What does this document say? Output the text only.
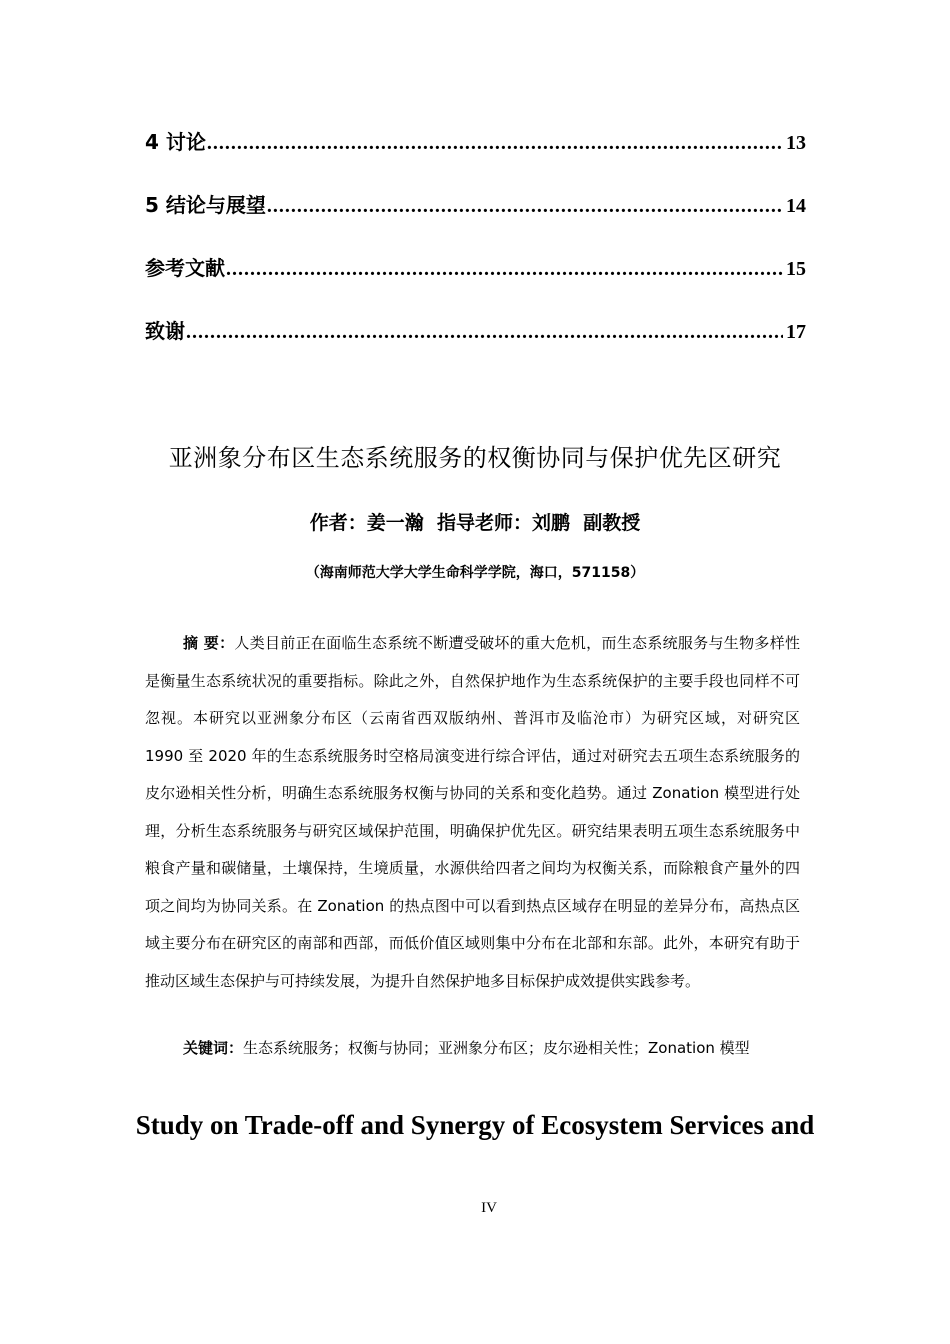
4 讨论 .....	13
5 结论与展望 .....	14
参考文献 .....	15
致谢 .....	17
亚洲象分布区生态系统服务的权衡协同与保护优先区研究
作者：姜一瀚 指导老师：刘鹏  副教授
（海南师范大学大学生命科学学院，海口，571158）
摘 要：人类目前正在面临生态系统不断遭受破坏的重大危机，而生态系统服务与生物多样性是衡量生态系统状况的重要指标。除此之外，自然保护地作为生态系统保护的主要手段也同样不可忽视。本研究以亚洲象分布区（云南省西双版纳州、普洱市及临沧市）为研究区域，对研究区 1990 至 2020 年的生态系统服务时空格局演变进行综合评估，通过对研究去五项生态系统服务的皮尔逊相关性分析，明确生态系统服务权衡与协同的关系和变化趋势。通过 Zonation 模型进行处理，分析生态系统服务与研究区域保护范围，明确保护优先区。研究结果表明五项生态系统服务中粮食产量和碳储量，土壤保持，生境质量，水源供给四者之间均为权衡关系，而除粮食产量外的四项之间均为协同关系。在 Zonation 的热点图中可以看到热点区域存在明显的差异分布，高热点区域主要分布在研究区的南部和西部，而低价值区域则集中分布在北部和东部。此外，本研究有助于推动区域生态保护与可持续发展，为提升自然保护地多目标保护成效提供实践参考。
关键词：生态系统服务；权衡与协同；亚洲象分布区；皮尔逊相关性；Zonation 模型
Study on Trade-off and Synergy of Ecosystem Services and
IV
